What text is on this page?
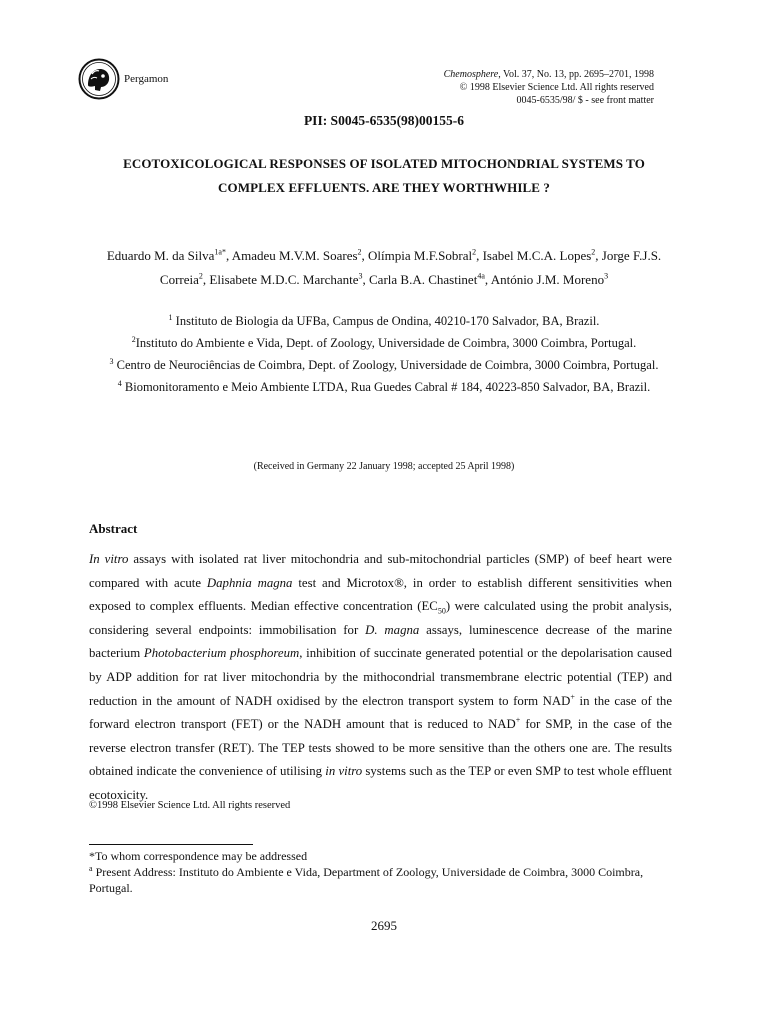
Pergamon	Chemosphere, Vol. 37, No. 13, pp. 2695–2701, 1998
© 1998 Elsevier Science Ltd. All rights reserved
0045-6535/98/ $ - see front matter
PII: S0045-6535(98)00155-6
ECOTOXICOLOGICAL RESPONSES OF ISOLATED MITOCHONDRIAL SYSTEMS TO
COMPLEX EFFLUENTS. ARE THEY WORTHWHILE ?
Eduardo M. da Silva$^{1a*}$, Amadeu M.V.M. Soares$^2$, Olímpia M.F.Sobral$^2$, Isabel M.C.A. Lopes$^2$, Jorge F.J.S. Correia$^2$, Elisabete M.D.C. Marchante$^3$, Carla B.A. Chastinet$^{4a}$, António J.M. Moreno$^3$
$^1$ Instituto de Biologia da UFBa, Campus de Ondina, 40210-170 Salvador, BA, Brazil.
$^2$Instituto do Ambiente e Vida, Dept. of Zoology, Universidade de Coimbra, 3000 Coimbra, Portugal.
$^3$ Centro de Neurociências de Coimbra, Dept. of Zoology, Universidade de Coimbra, 3000 Coimbra, Portugal.
$^4$ Biomonitoramento e Meio Ambiente LTDA, Rua Guedes Cabral # 184, 40223-850 Salvador, BA, Brazil.
(Received in Germany 22 January 1998; accepted 25 April 1998)
Abstract
In vitro assays with isolated rat liver mitochondria and sub-mitochondrial particles (SMP) of beef heart were compared with acute Daphnia magna test and Microtox®, in order to establish different sensitivities when exposed to complex effluents. Median effective concentration $(EC_{50})$ were calculated using the probit analysis, considering several endpoints: immobilisation for D. magna assays, luminescence decrease of the marine bacterium Photobacterium phosphoreum, inhibition of succinate generated potential or the depolarisation caused by ADP addition for rat liver mitochondria by the mithocondrial transmembrane electric potential (TEP) and reduction in the amount of NADH oxidised by the electron transport system to form NAD+ in the case of the forward electron transport (FET) or the NADH amount that is reduced to NAD+ for SMP, in the case of the reverse electron transfer (RET). The TEP tests showed to be more sensitive than the others one are. The results obtained indicate the convenience of utilising in vitro systems such as the TEP or even SMP to test whole effluent ecotoxicity.
©1998 Elsevier Science Ltd. All rights reserved
*To whom correspondence may be addressed
$^a$ Present Address: Instituto do Ambiente e Vida, Department of Zoology, Universidade de Coimbra, 3000 Coimbra, Portugal.
2695
